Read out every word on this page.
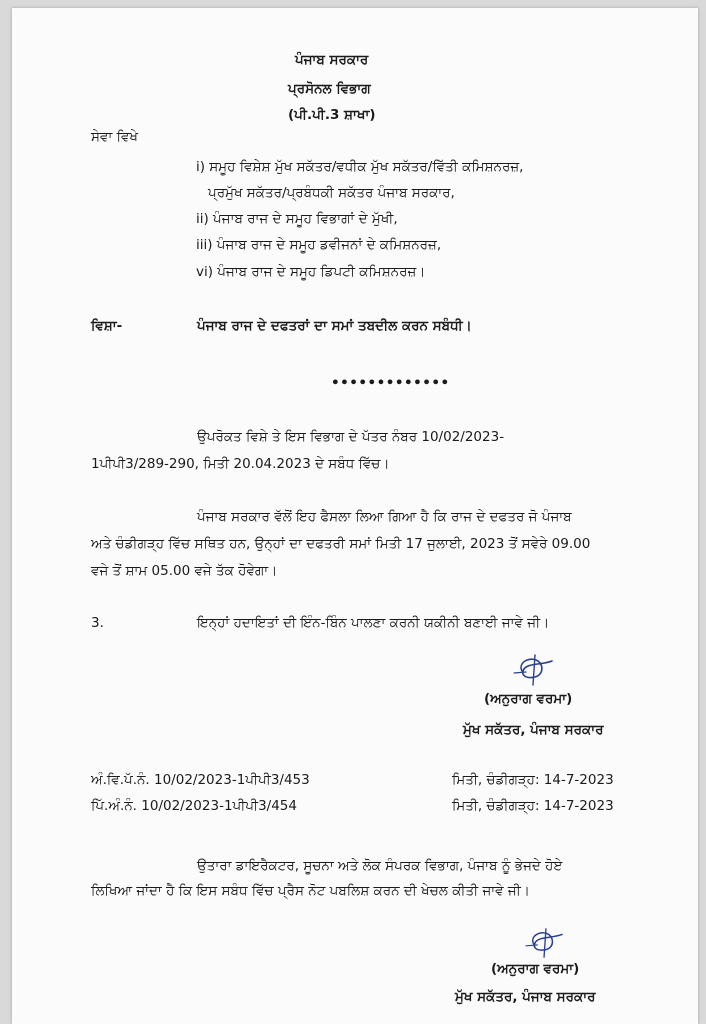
ਪੰਜਾਬ ਸਰਕਾਰ
ਪ੍ਰਸੋਨਲ ਵਿਭਾਗ
(ਪੀ.ਪੀ.3 ਸ਼ਾਖਾ)
ਸੇਵਾ ਵਿਖੇ
i) ਸਮੂਹ ਵਿਸ਼ੇਸ਼ ਮੁੱਖ ਸਕੱਤਰ/ਵਧੀਕ ਮੁੱਖ ਸਕੱਤਰ/ਵਿੱਤੀ ਕਮਿਸ਼ਨਰਜ਼,
ਪ੍ਰਮੁੱਖ ਸਕੱਤਰ/ਪ੍ਰਬੰਧਕੀ ਸਕੱਤਰ ਪੰਜਾਬ ਸਰਕਾਰ,
ii) ਪੰਜਾਬ ਰਾਜ ਦੇ ਸਮੂਹ ਵਿਭਾਗਾਂ ਦੇ ਮੁੱਖੀ,
iii) ਪੰਜਾਬ ਰਾਜ ਦੇ ਸਮੂਹ ਡਵੀਜਨਾਂ ਦੇ ਕਮਿਸ਼ਨਰਜ਼,
vi) ਪੰਜਾਬ ਰਾਜ ਦੇ ਸਮੂਹ ਡਿਪਟੀ ਕਮਿਸ਼ਨਰਜ਼।
ਵਿਸ਼ਾ-	ਪੰਜਾਬ ਰਾਜ ਦੇ ਦਫਤਰਾਂ ਦਾ ਸਮਾਂ ਤਬਦੀਲ ਕਰਨ ਸਬੰਧੀ।
•••••••••••••
ਉਪਰੋਕਤ ਵਿਸ਼ੇ ਤੇ ਇਸ ਵਿਭਾਗ ਦੇ ਪੱਤਰ ਨੰਬਰ 10/02/2023-
1ਪੀਪੀ3/289-290, ਮਿਤੀ 20.04.2023 ਦੇ ਸਬੰਧ ਵਿੱਚ।
ਪੰਜਾਬ ਸਰਕਾਰ ਵੱਲੋਂ ਇਹ ਫੈਸਲਾ ਲਿਆ ਗਿਆ ਹੈ ਕਿ ਰਾਜ ਦੇ ਦਫਤਰ ਜੋ ਪੰਜਾਬ
ਅਤੇ ਚੰਡੀਗੜ੍ਹ ਵਿੱਚ ਸਥਿਤ ਹਨ, ਉਨ੍ਹਾਂ ਦਾ ਦਫਤਰੀ ਸਮਾਂ ਮਿਤੀ 17 ਜੁਲਾਈ, 2023 ਤੋਂ ਸਵੇਰੇ 09.00
ਵਜੇ ਤੋਂ ਸ਼ਾਮ 05.00 ਵਜੇ ਤੱਕ ਹੋਵੇਗਾ।
3.	ਇਨ੍ਹਾਂ ਹਦਾਇਤਾਂ ਦੀ ਇੰਨ-ਬਿੰਨ ਪਾਲਣਾ ਕਰਨੀ ਯਕੀਨੀ ਬਣਾਈ ਜਾਵੇ ਜੀ।
(ਅਨੁਰਾਗ ਵਰਮਾ)
ਮੁੱਖ ਸਕੱਤਰ, ਪੰਜਾਬ ਸਰਕਾਰ
ਅੰ.ਵਿ.ਪੱ.ਨੰ. 10/02/2023-1ਪੀਪੀ3/453	ਮਿਤੀ, ਚੰਡੀਗੜ੍ਹ: 14-7-2023
ਪਿੱ.ਅੰ.ਨੰ. 10/02/2023-1ਪੀਪੀ3/454	ਮਿਤੀ, ਚੰਡੀਗੜ੍ਹ: 14-7-2023
ਉਤਾਰਾ ਡਾਇਰੈਕਟਰ, ਸੂਚਨਾ ਅਤੇ ਲੋਕ ਸੰਪਰਕ ਵਿਭਾਗ, ਪੰਜਾਬ ਨੂੰ ਭੇਜਦੇ ਹੋਏ
ਲਿਖਿਆ ਜਾਂਦਾ ਹੈ ਕਿ ਇਸ ਸਬੰਧ ਵਿੱਚ ਪ੍ਰੈਸ ਨੋਟ ਪਬਲਿਸ਼ ਕਰਨ ਦੀ ਖੇਚਲ ਕੀਤੀ ਜਾਵੇ ਜੀ।
(ਅਨੁਰਾਗ ਵਰਮਾ)
ਮੁੱਖ ਸਕੱਤਰ, ਪੰਜਾਬ ਸਰਕਾਰ
